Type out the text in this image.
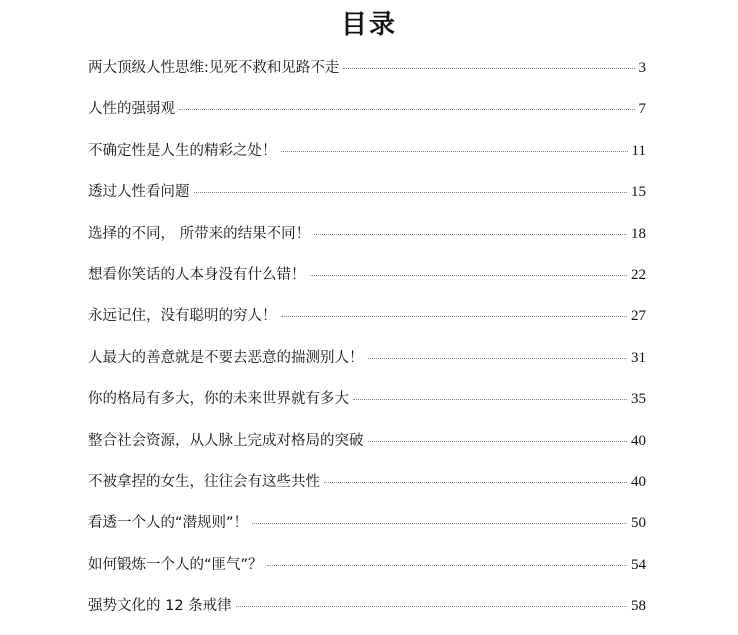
目录
两大顶级人性思维:见死不救和见路不走	3
人性的强弱观	7
不确定性是人生的精彩之处！	11
透过人性看问题	15
选择的不同， 所带来的结果不同！	18
想看你笑话的人本身没有什么错！	22
永远记住，没有聪明的穷人！	27
人最大的善意就是不要去恶意的揣测别人！	31
你的格局有多大，你的未来世界就有多大	35
整合社会资源，从人脉上完成对格局的突破	40
不被拿捏的女生，往往会有这些共性	40
看透一个人的“潜规则”！	50
如何锻炼一个人的“匪气”？	54
强势文化的 12 条戒律	58
